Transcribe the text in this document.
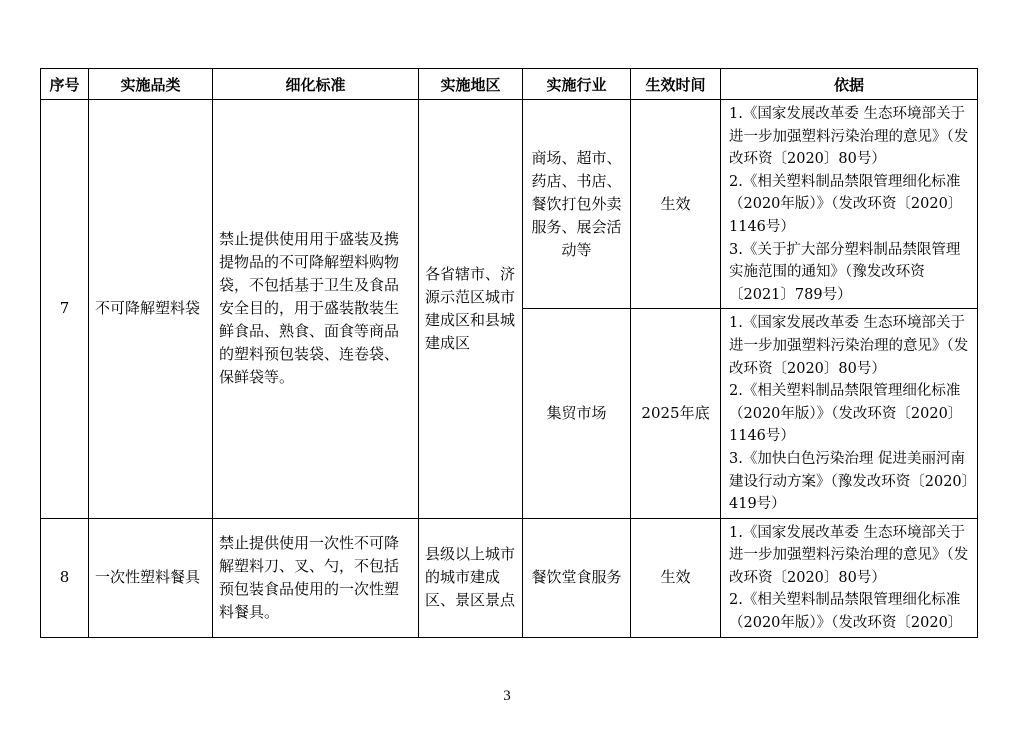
序号	实施品类	细化标准	实施地区	实施行业	生效时间	依据
7	不可降解塑料袋	禁止提供使用用于盛装及携提物品的不可降解塑料购物袋，不包括基于卫生及食品安全目的，用于盛装散装生鲜食品、熟食、面食等商品的塑料预包装袋、连卷袋、保鲜袋等。	各省辖市、济源示范区城市建成区和县城建成区	商场、超市、药店、书店、餐饮打包外卖服务、展会活动等	生效	1.《国家发展改革委 生态环境部关于进一步加强塑料污染治理的意见》（发改环资〔2020〕80号）
2.《相关塑料制品禁限管理细化标准（2020年版）》（发改环资〔2020〕1146号）
3.《关于扩大部分塑料制品禁限管理实施范围的通知》（豫发改环资〔2021〕789号）

				集贸市场	2025年底	1.《国家发展改革委 生态环境部关于进一步加强塑料污染治理的意见》（发改环资〔2020〕80号）
2.《相关塑料制品禁限管理细化标准（2020年版）》（发改环资〔2020〕1146号）
3.《加快白色污染治理 促进美丽河南建设行动方案》（豫发改环资〔2020〕419号）

8	一次性塑料餐具	禁止提供使用一次性不可降解塑料刀、叉、勺，不包括预包装食品使用的一次性塑料餐具。	县级以上城市的城市建成区、景区景点	餐饮堂食服务	生效	1.《国家发展改革委 生态环境部关于进一步加强塑料污染治理的意见》（发改环资〔2020〕80号）
2.《相关塑料制品禁限管理细化标准（2020年版）》（发改环资〔2020〕
3
